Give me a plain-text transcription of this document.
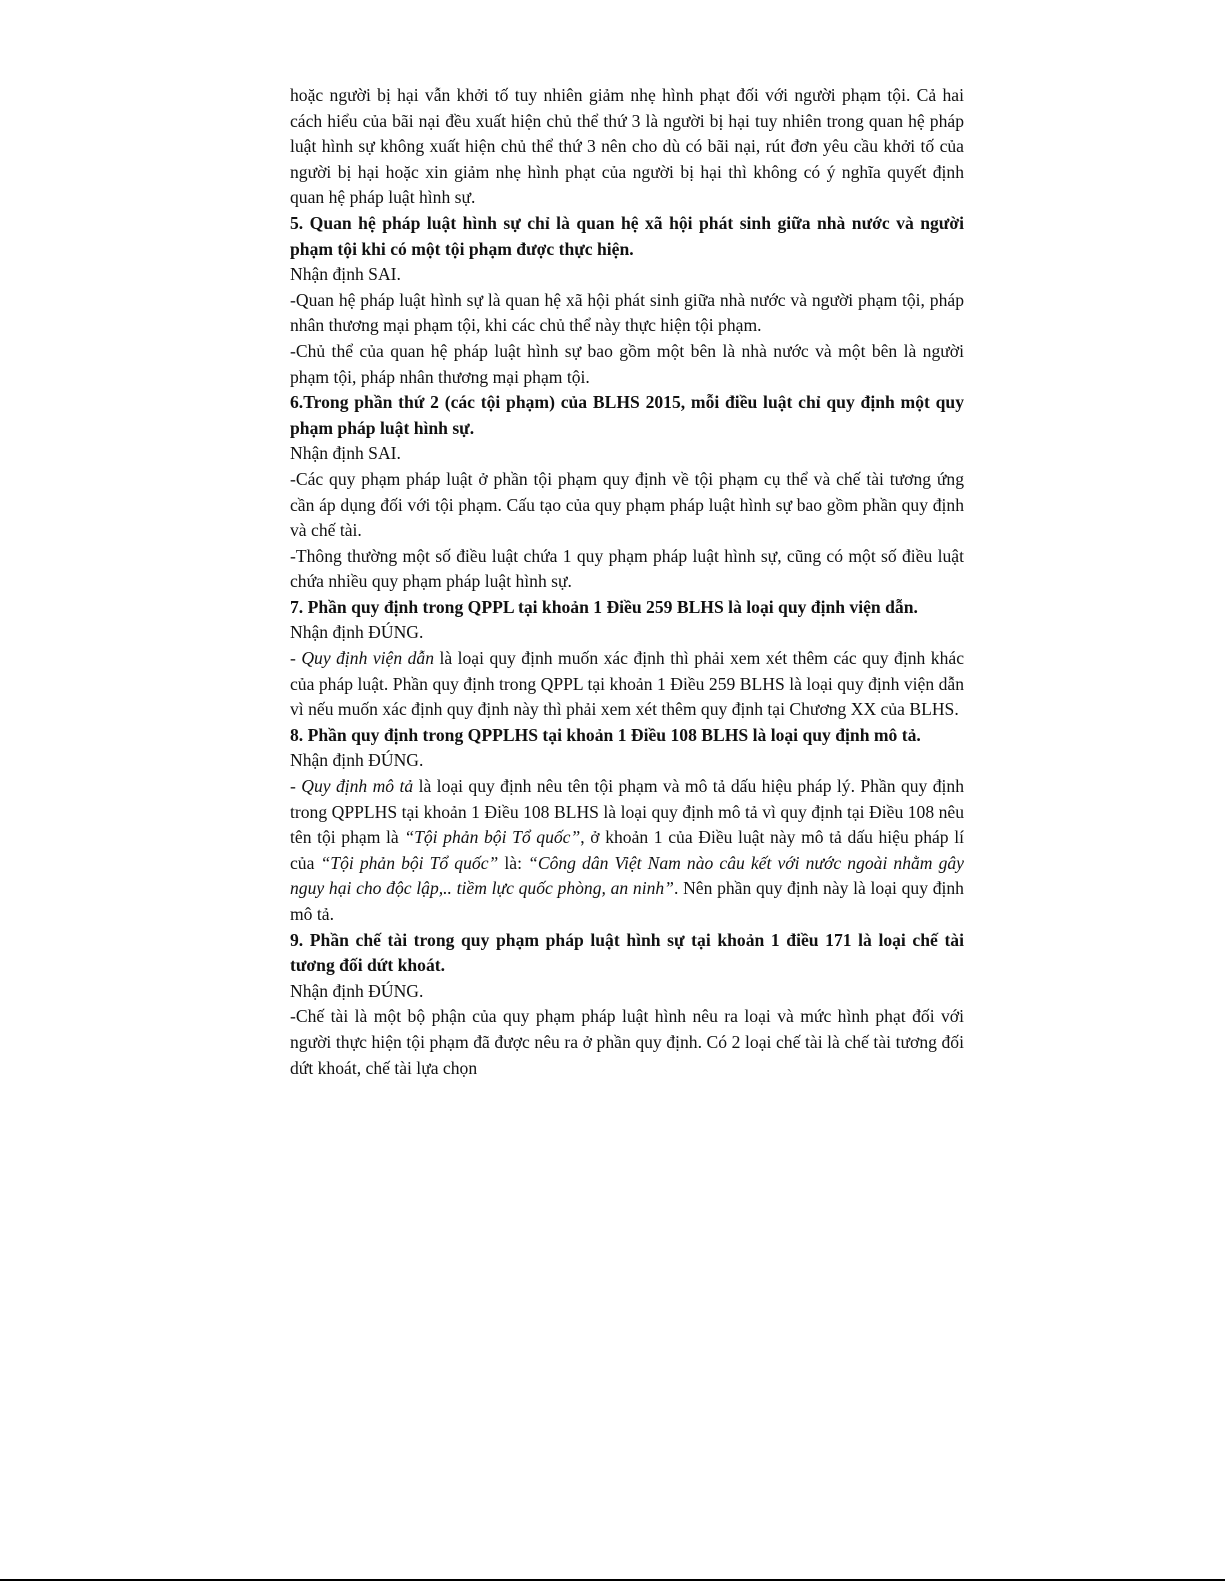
hoặc người bị hại vẫn khởi tố tuy nhiên giảm nhẹ hình phạt đối với người phạm tội. Cả hai cách hiểu của bãi nại đều xuất hiện chủ thể thứ 3 là người bị hại tuy nhiên trong quan hệ pháp luật hình sự không xuất hiện chủ thể thứ 3 nên cho dù có bãi nại, rút đơn yêu cầu khởi tố của người bị hại hoặc xin giảm nhẹ hình phạt của người bị hại thì không có ý nghĩa quyết định quan hệ pháp luật hình sự.

5. Quan hệ pháp luật hình sự chỉ là quan hệ xã hội phát sinh giữa nhà nước và người phạm tội khi có một tội phạm được thực hiện.

Nhận định SAI.

-Quan hệ pháp luật hình sự là quan hệ xã hội phát sinh giữa nhà nước và người phạm tội, pháp nhân thương mại phạm tội, khi các chủ thể này thực hiện tội phạm.

-Chủ thể của quan hệ pháp luật hình sự bao gồm một bên là nhà nước và một bên là người phạm tội, pháp nhân thương mại phạm tội.

6.Trong phần thứ 2 (các tội phạm) của BLHS 2015, mỗi điều luật chỉ quy định một quy phạm pháp luật hình sự.

Nhận định SAI.

-Các quy phạm pháp luật ở phần tội phạm quy định về tội phạm cụ thể và chế tài tương ứng cần áp dụng đối với tội phạm. Cấu tạo của quy phạm pháp luật hình sự bao gồm phần quy định và chế tài.

-Thông thường một số điều luật chứa 1 quy phạm pháp luật hình sự, cũng có một số điều luật chứa nhiều quy phạm pháp luật hình sự.

7. Phần quy định trong QPPL tại khoản 1 Điều 259 BLHS là loại quy định viện dẫn.

Nhận định ĐÚNG.

- Quy định viện dẫn là loại quy định muốn xác định thì phải xem xét thêm các quy định khác của pháp luật. Phần quy định trong QPPL tại khoản 1 Điều 259 BLHS là loại quy định viện dẫn vì nếu muốn xác định quy định này thì phải xem xét thêm quy định tại Chương XX của BLHS.

8. Phần quy định trong QPPLHS tại khoản 1 Điều 108 BLHS là loại quy định mô tả.

Nhận định ĐÚNG.

- Quy định mô tả là loại quy định nêu tên tội phạm và mô tả dấu hiệu pháp lý. Phần quy định trong QPPLHS tại khoản 1 Điều 108 BLHS là loại quy định mô tả vì quy định tại Điều 108 nêu tên tội phạm là “Tội phản bội Tổ quốc”, ở khoản 1 của Điều luật này mô tả dấu hiệu pháp lí của “Tội phản bội Tổ quốc” là: “Công dân Việt Nam nào câu kết với nước ngoài nhằm gây nguy hại cho độc lập,.. tiềm lực quốc phòng, an ninh”. Nên phần quy định này là loại quy định mô tả.

9. Phần chế tài trong quy phạm pháp luật hình sự tại khoản 1 điều 171 là loại chế tài tương đối dứt khoát.

Nhận định ĐÚNG.

-Chế tài là một bộ phận của quy phạm pháp luật hình nêu ra loại và mức hình phạt đối với người thực hiện tội phạm đã được nêu ra ở phần quy định. Có 2 loại chế tài là chế tài tương đối dứt khoát, chế tài lựa chọn
